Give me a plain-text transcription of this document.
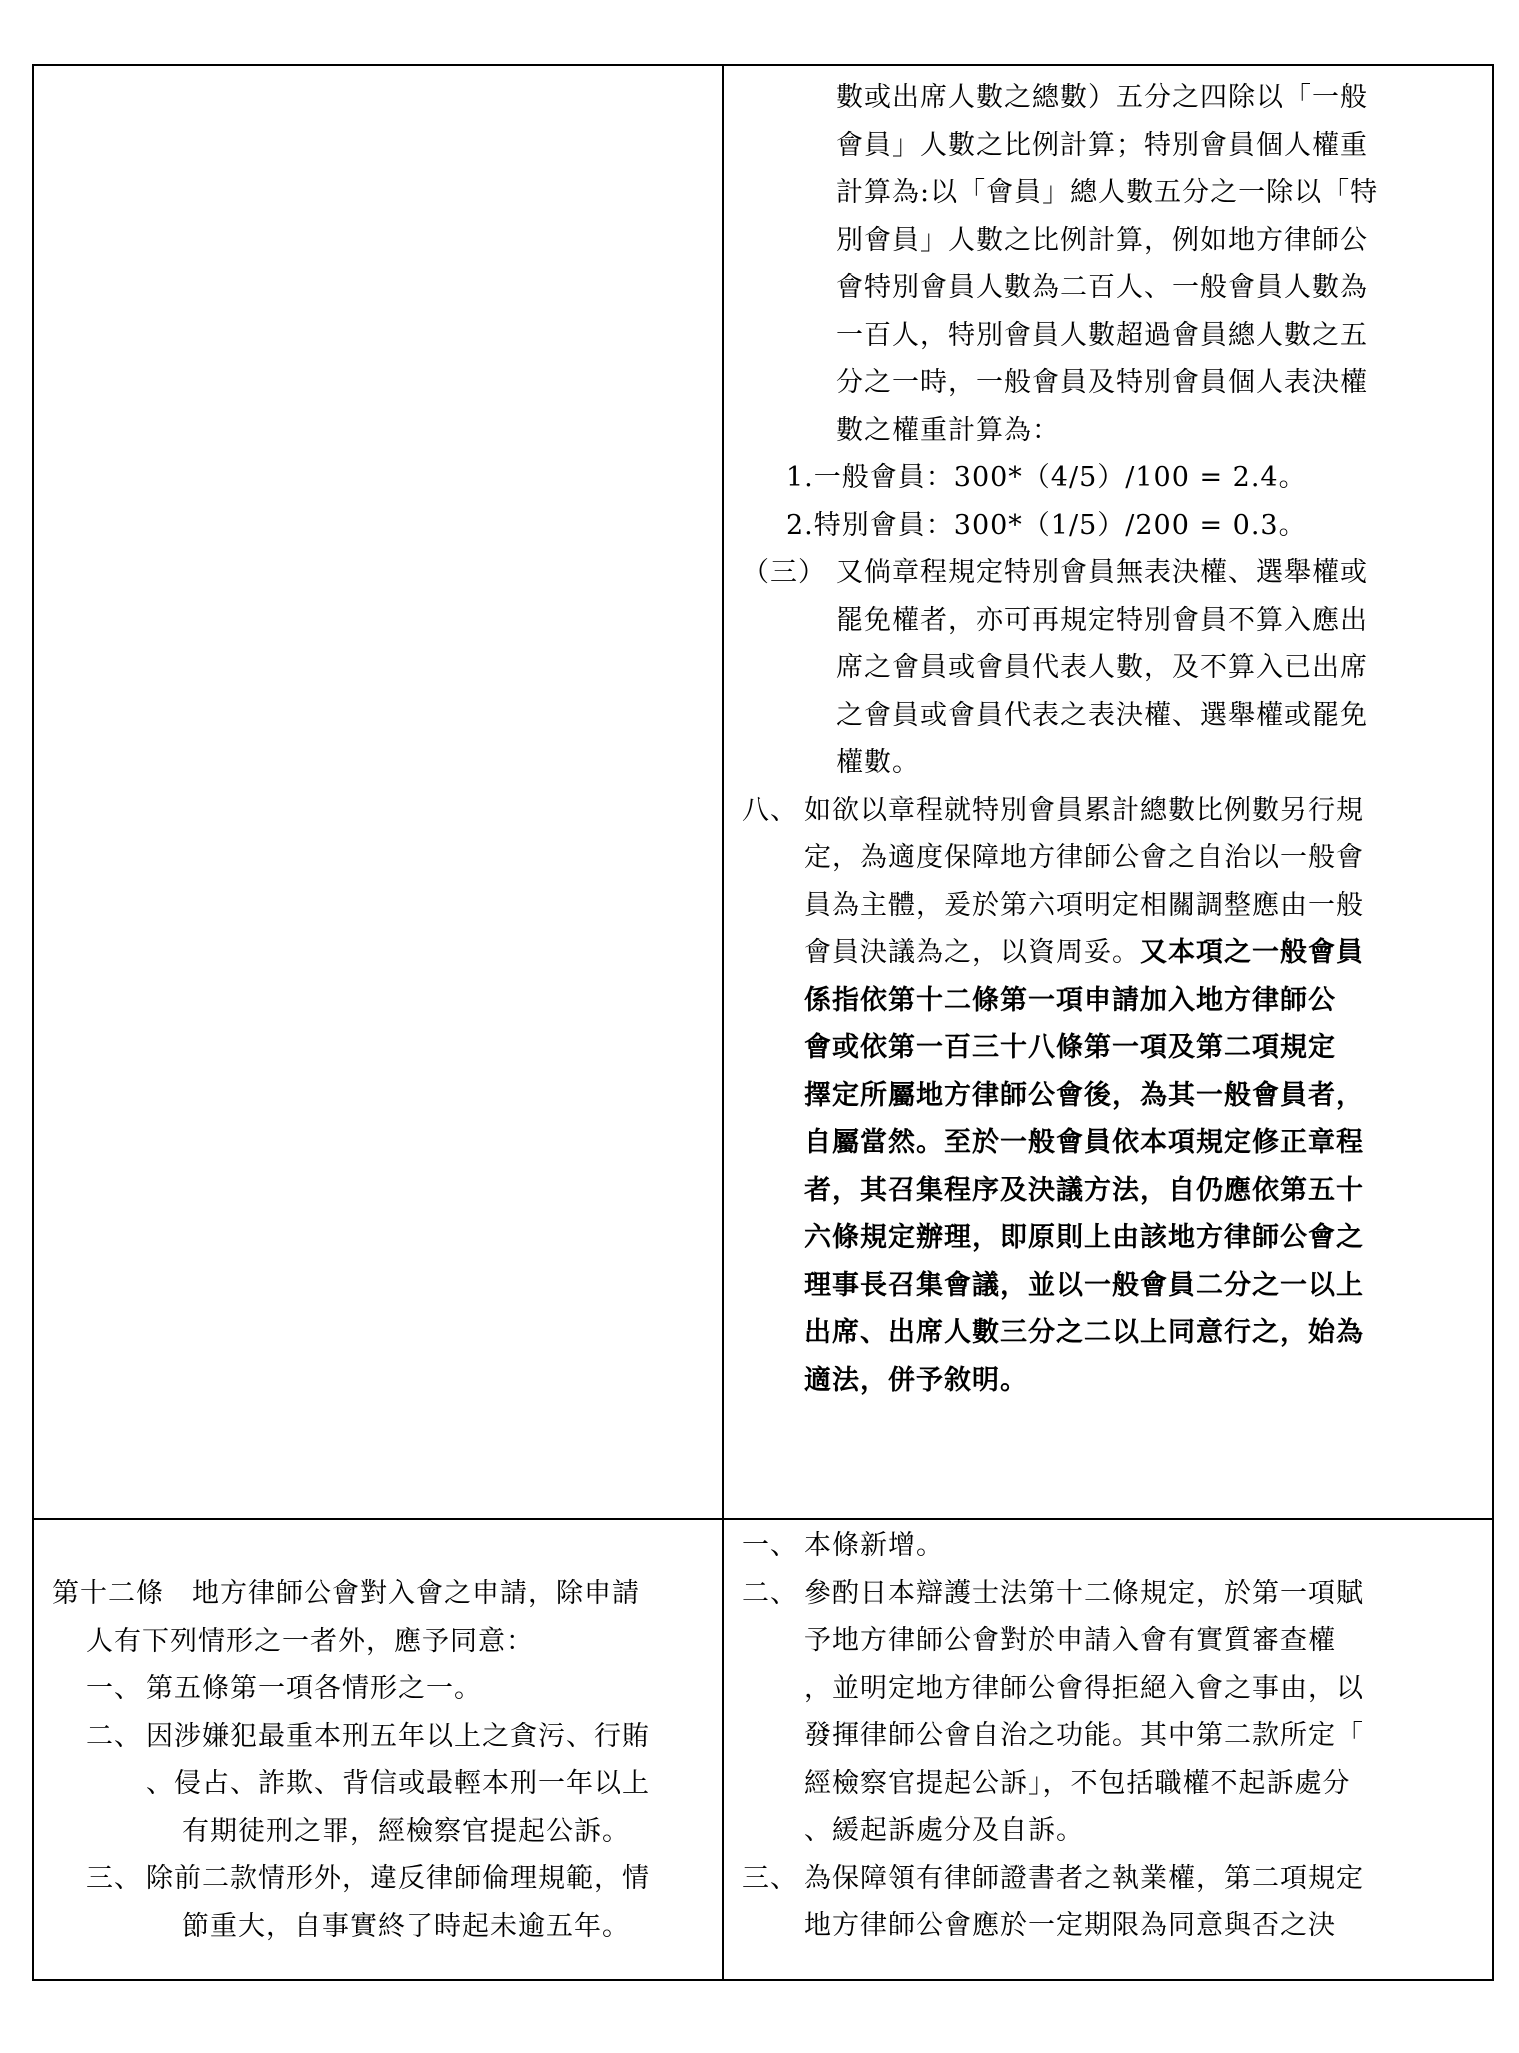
數或出席人數之總數）五分之四除以「一般
會員」人數之比例計算；特別會員個人權重
計算為:以「會員」總人數五分之一除以「特
別會員」人數之比例計算，例如地方律師公
會特別會員人數為二百人、一般會員人數為
一百人，特別會員人數超過會員總人數之五
分之一時，一般會員及特別會員個人表決權
數之權重計算為：
1.一般會員：300*（4/5）/100 = 2.4。
2.特別會員：300*（1/5）/200 = 0.3。
（三） 又倘章程規定特別會員無表決權、選舉權或
罷免權者，亦可再規定特別會員不算入應出
席之會員或會員代表人數，及不算入已出席
之會員或會員代表之表決權、選舉權或罷免
權數。
八、 如欲以章程就特別會員累計總數比例數另行規
定，為適度保障地方律師公會之自治以一般會
員為主體，爰於第六項明定相關調整應由一般
會員決議為之，以資周妥。又本項之一般會員
係指依第十二條第一項申請加入地方律師公
會或依第一百三十八條第一項及第二項規定
擇定所屬地方律師公會後，為其一般會員者，
自屬當然。至於一般會員依本項規定修正章程
者，其召集程序及決議方法，自仍應依第五十
六條規定辦理，即原則上由該地方律師公會之
理事長召集會議，並以一般會員二分之一以上
出席、出席人數三分之二以上同意行之，始為
適法，併予敘明。
第十二條　地方律師公會對入會之申請，除申請
人有下列情形之一者外，應予同意：
一、 第五條第一項各情形之一。
二、 因涉嫌犯最重本刑五年以上之貪污、行賄
、侵占、詐欺、背信或最輕本刑一年以上
有期徒刑之罪，經檢察官提起公訴。
三、 除前二款情形外，違反律師倫理規範，情
節重大，自事實終了時起未逾五年。
一、 本條新增。
二、 參酌日本辯護士法第十二條規定，於第一項賦
予地方律師公會對於申請入會有實質審查權
，並明定地方律師公會得拒絕入會之事由，以
發揮律師公會自治之功能。其中第二款所定「
經檢察官提起公訴」，不包括職權不起訴處分
、緩起訴處分及自訴。
三、 為保障領有律師證書者之執業權，第二項規定
地方律師公會應於一定期限為同意與否之決
